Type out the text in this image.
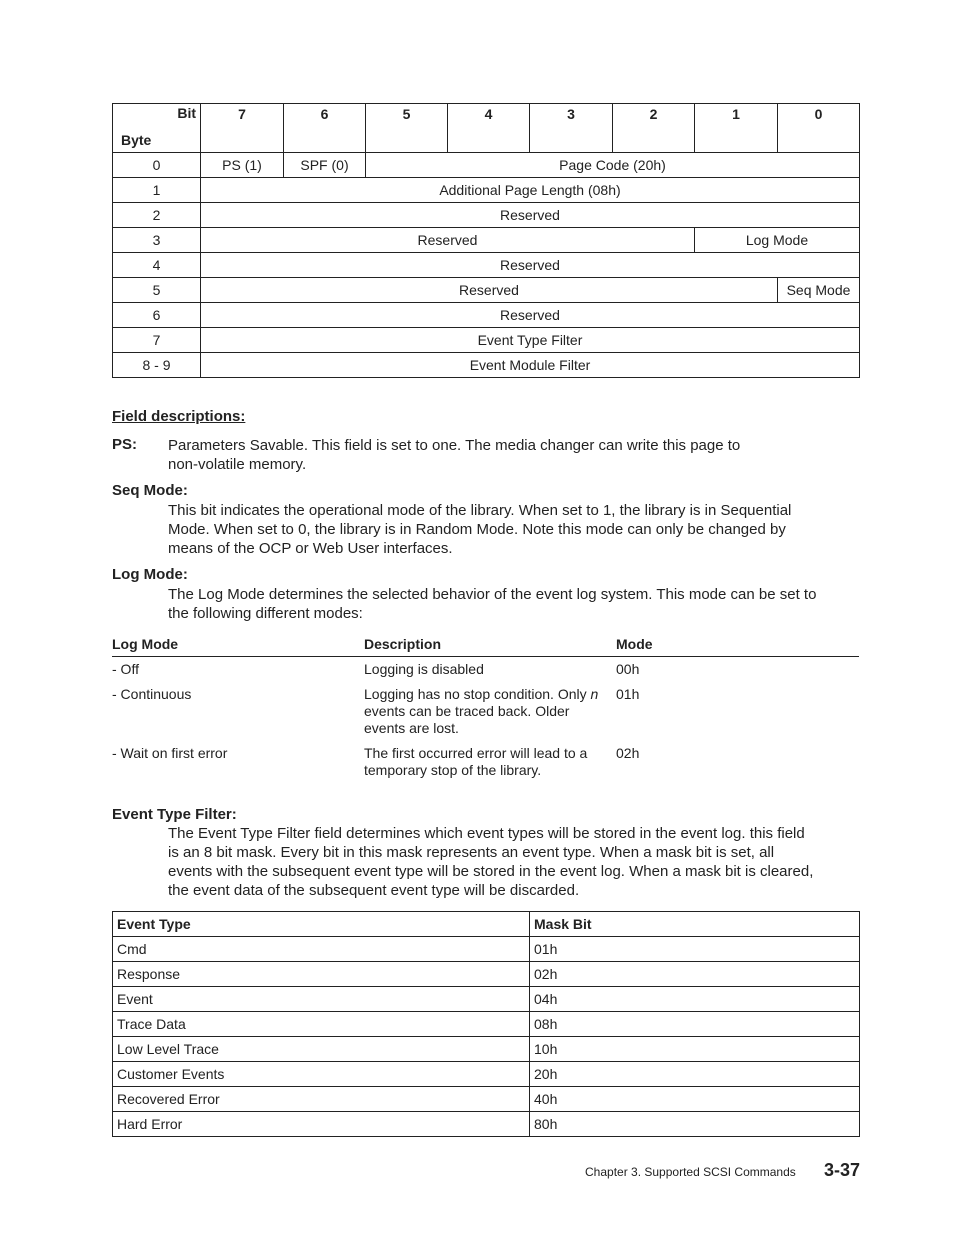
Bit
Byte	7	6	5	4	3	2	1	0
0	PS (1)	SPF (0)	Page Code (20h)					
1	Additional Page Length (08h)							
2	Reserved							
3	Reserved						Log Mode	
4	Reserved							
5	Reserved							Seq Mode
6	Reserved							
7	Event Type Filter							
8 - 9	Event Module Filter							
Field descriptions:
PS: Parameters Savable. This field is set to one. The media changer can write this page to
non-volatile memory.
Seq Mode:
This bit indicates the operational mode of the library. When set to 1, the library is in Sequential
Mode. When set to 0, the library is in Random Mode. Note this mode can only be changed by
means of the OCP or Web User interfaces.
Log Mode:
The Log Mode determines the selected behavior of the event log system. This mode can be set to
the following different modes:
Log Mode	Description	Mode
- Off	Logging is disabled	00h
- Continuous	Logging has no stop condition. Only n
events can be traced back. Older
events are lost.
01h
- Wait on first error	The first occurred error will lead to a
temporary stop of the library.
02h
Event Type Filter:
The Event Type Filter field determines which event types will be stored in the event log. this field
is an 8 bit mask. Every bit in this mask represents an event type. When a mask bit is set, all
events with the subsequent event type will be stored in the event log. When a mask bit is cleared,
the event data of the subsequent event type will be discarded.
Event Type	Mask Bit
Cmd	01h
Response	02h
Event	04h
Trace Data	08h
Low Level Trace	10h
Customer Events	20h
Recovered Error	40h
Hard Error	80h
Chapter 3. Supported SCSI Commands 3-37
